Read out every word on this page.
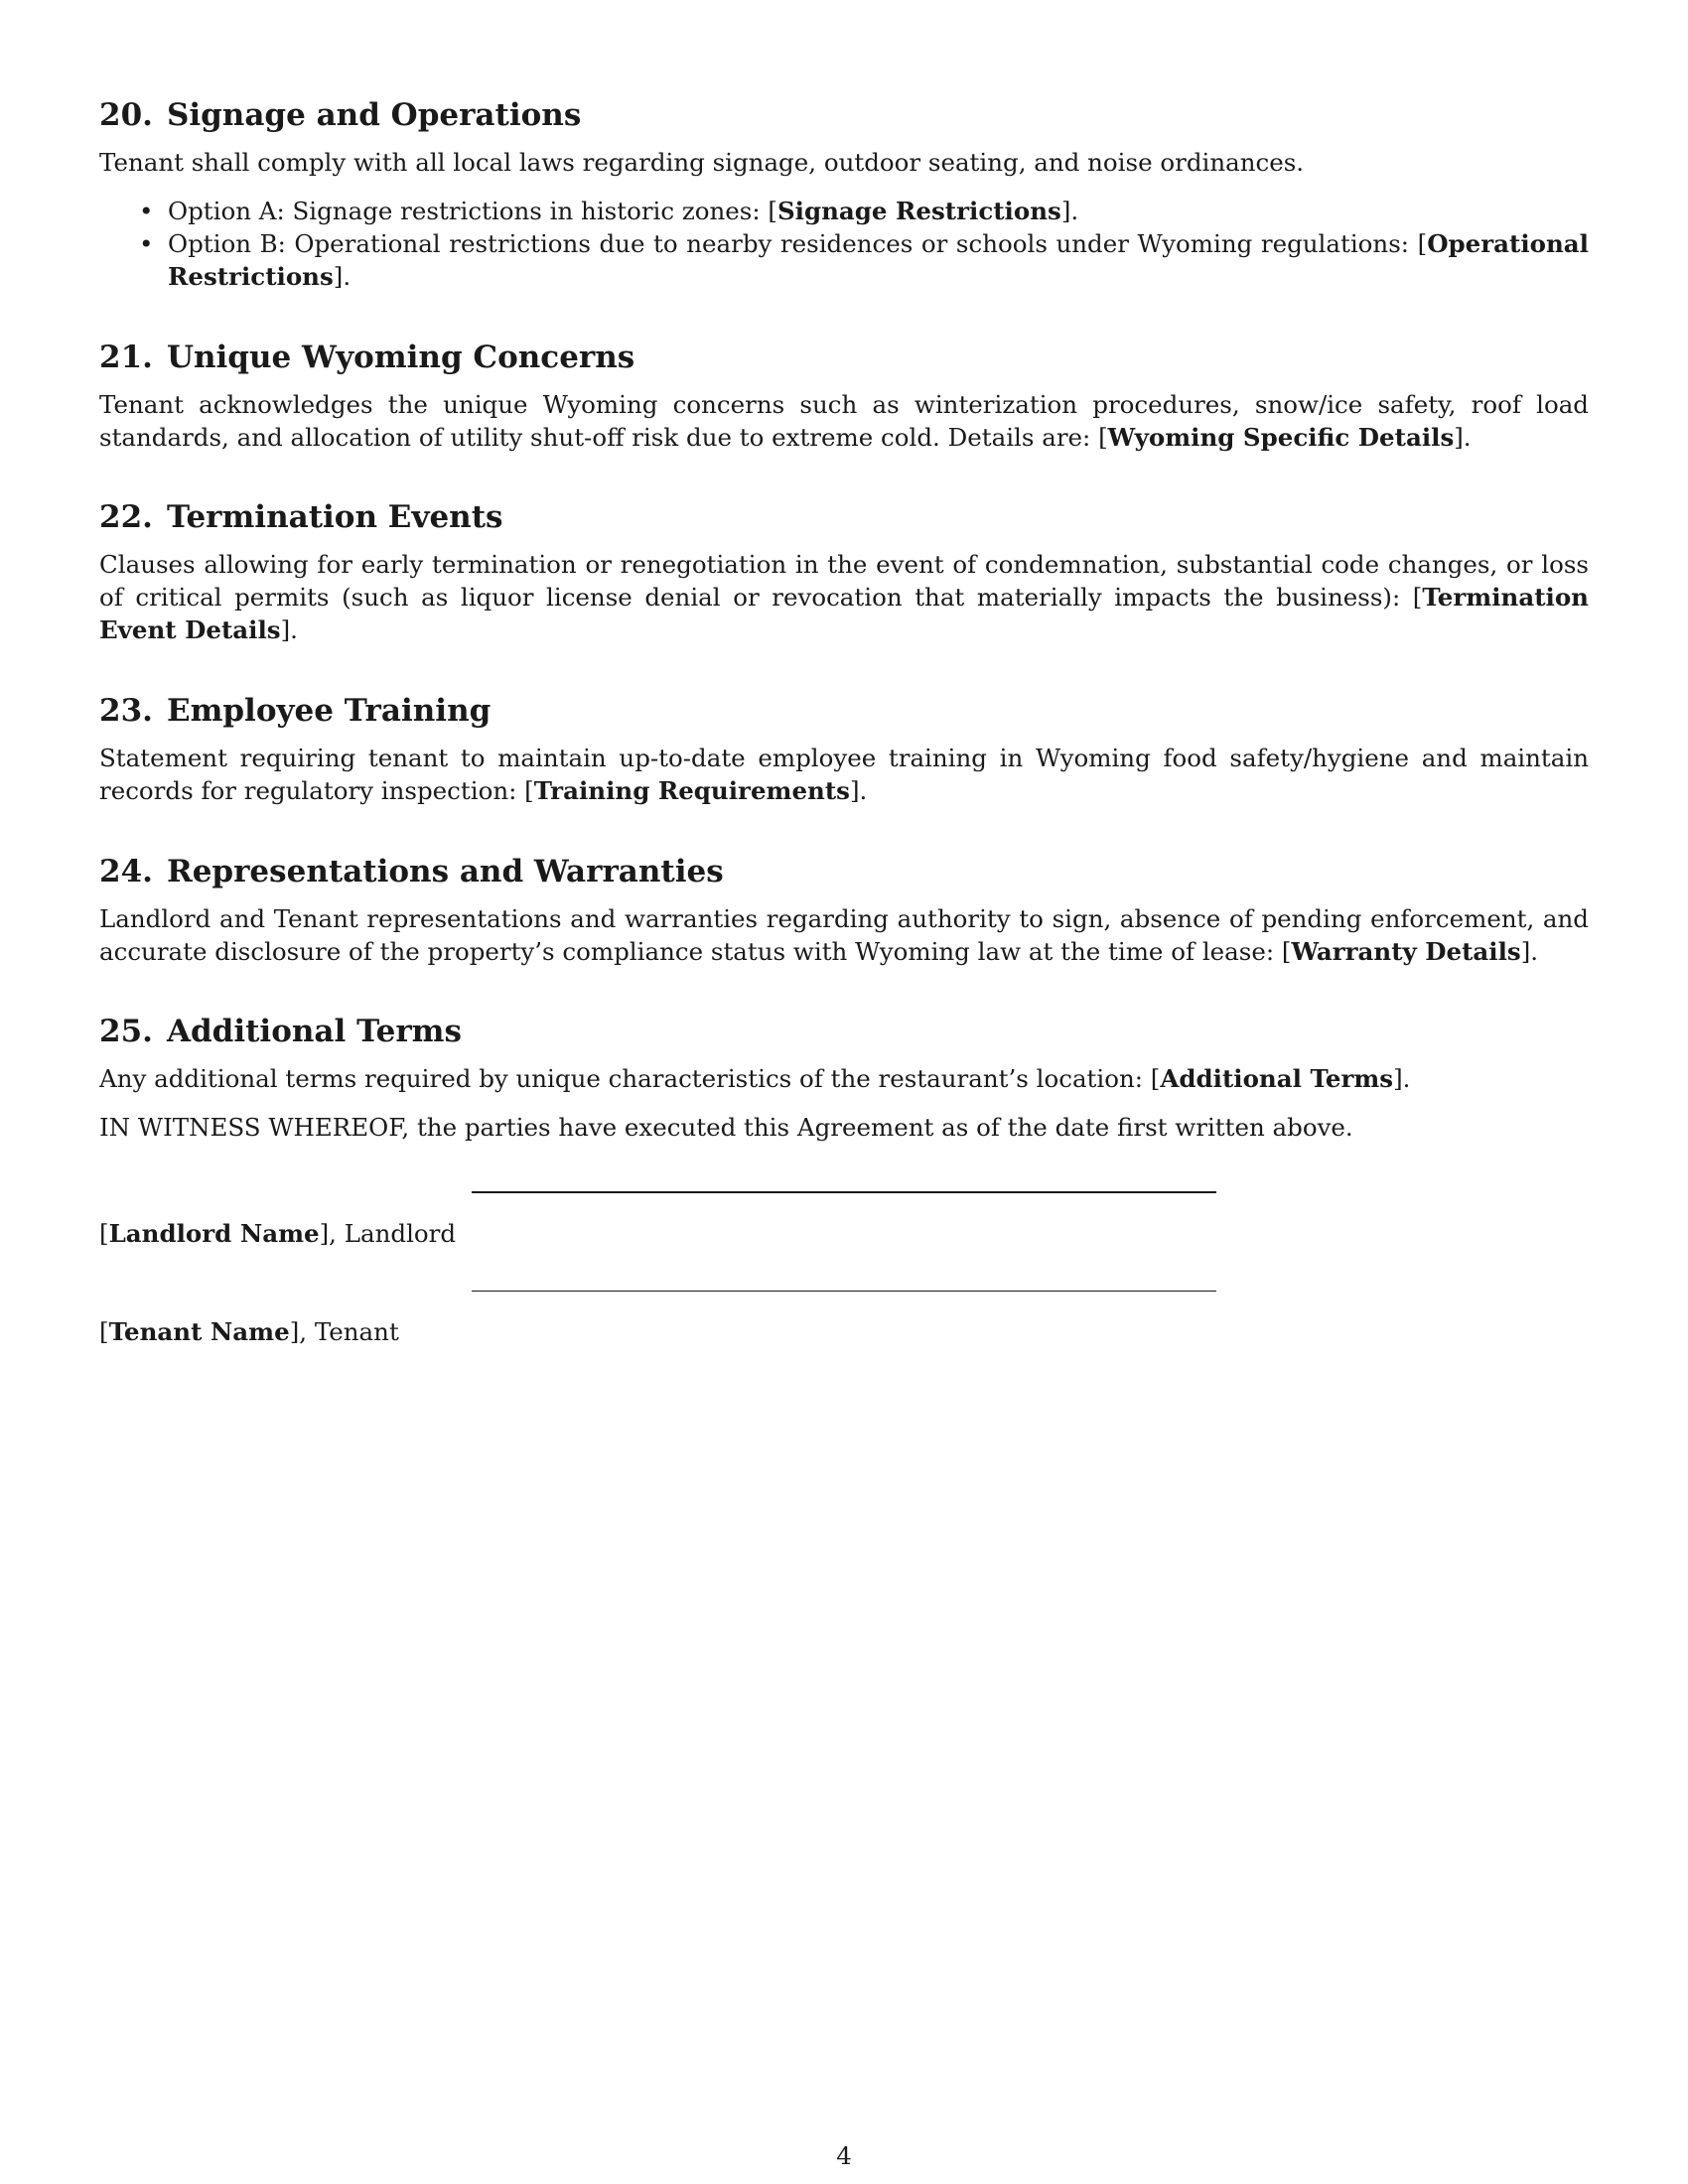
20. Signage and Operations

Tenant shall comply with all local laws regarding signage, outdoor seating, and noise ordinances.

• Option A: Signage restrictions in historic zones: [Signage Restrictions].
• Option B: Operational restrictions due to nearby residences or schools under Wyoming regulations: [Operational Restrictions].
21. Unique Wyoming Concerns

Tenant acknowledges the unique Wyoming concerns such as winterization procedures, snow/ice safety, roof load standards, and allocation of utility shut-off risk due to extreme cold. Details are: [Wyoming Specific Details].

22. Termination Events

Clauses allowing for early termination or renegotiation in the event of condemnation, substantial code changes, or loss of critical permits (such as liquor license denial or revocation that materially impacts the business): [Termination Event Details].

23. Employee Training

Statement requiring tenant to maintain up-to-date employee training in Wyoming food safety/hygiene and maintain records for regulatory inspection: [Training Requirements].

24. Representations and Warranties

Landlord and Tenant representations and warranties regarding authority to sign, absence of pending enforcement, and accurate disclosure of the property’s compliance status with Wyoming law at the time of lease: [Warranty Details].

25. Additional Terms

Any additional terms required by unique characteristics of the restaurant’s location: [Additional Terms].

IN WITNESS WHEREOF, the parties have executed this Agreement as of the date first written above.

[Landlord Name], Landlord
[Tenant Name], Tenant
4
